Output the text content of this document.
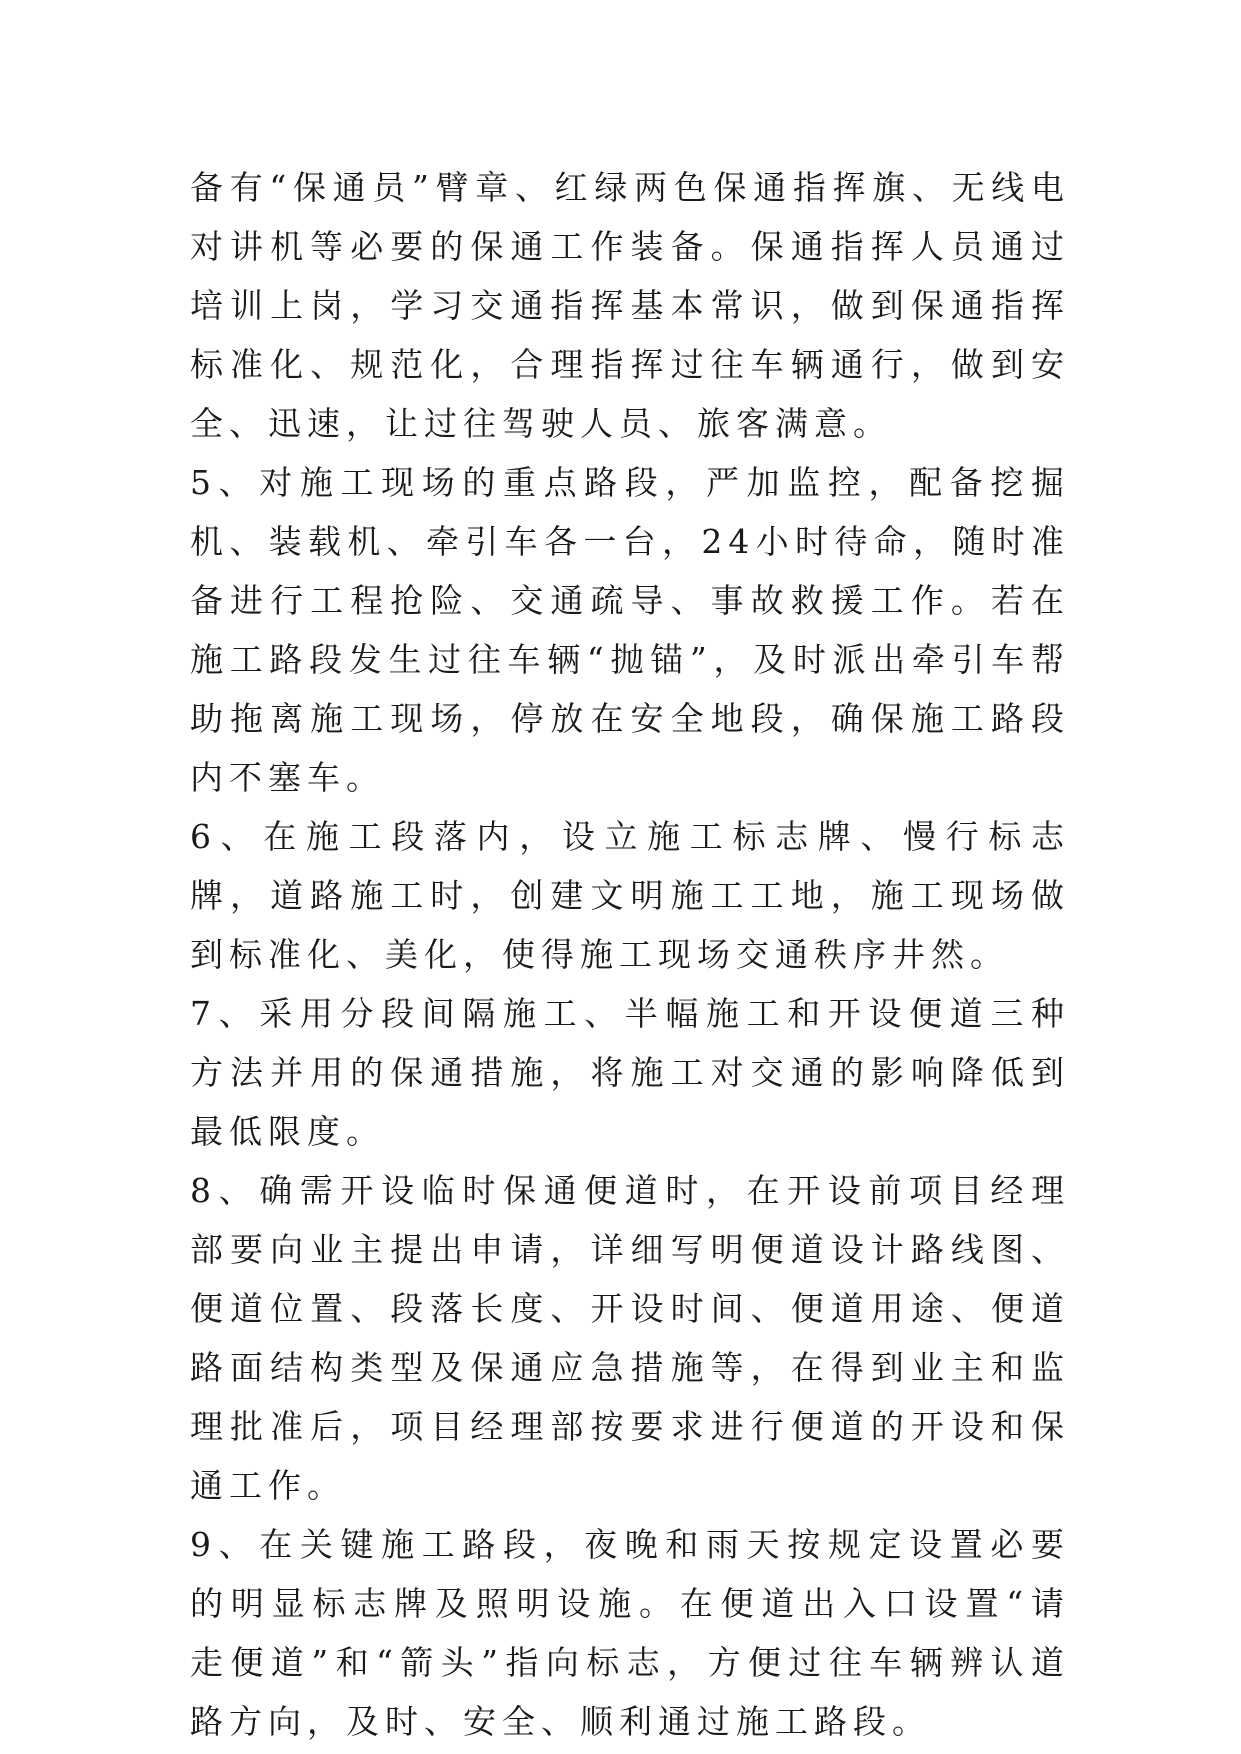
备有“保通员”臂章、红绿两色保通指挥旗、无线电对讲机等必要的保通工作装备。保通指挥人员通过培训上岗，学习交通指挥基本常识，做到保通指挥标准化、规范化，合理指挥过往车辆通行，做到安全、迅速，让过往驾驶人员、旅客满意。

5、对施工现场的重点路段，严加监控，配备挖掘机、装载机、牵引车各一台，24小时待命，随时准备进行工程抢险、交通疏导、事故救援工作。若在施工路段发生过往车辆“抛锚”，及时派出牵引车帮助拖离施工现场，停放在安全地段，确保施工路段内不塞车。

6、在施工段落内，设立施工标志牌、慢行标志牌，道路施工时，创建文明施工工地，施工现场做到标准化、美化，使得施工现场交通秩序井然。

7、采用分段间隔施工、半幅施工和开设便道三种方法并用的保通措施，将施工对交通的影响降低到最低限度。

8、确需开设临时保通便道时，在开设前项目经理部要向业主提出申请，详细写明便道设计路线图、便道位置、段落长度、开设时间、便道用途、便道路面结构类型及保通应急措施等，在得到业主和监理批准后，项目经理部按要求进行便道的开设和保通工作。

9、在关键施工路段，夜晚和雨天按规定设置必要的明显标志牌及照明设施。在便道出入口设置“请走便道”和“箭头”指向标志，方便过往车辆辨认道路方向，及时、安全、顺利通过施工路段。
